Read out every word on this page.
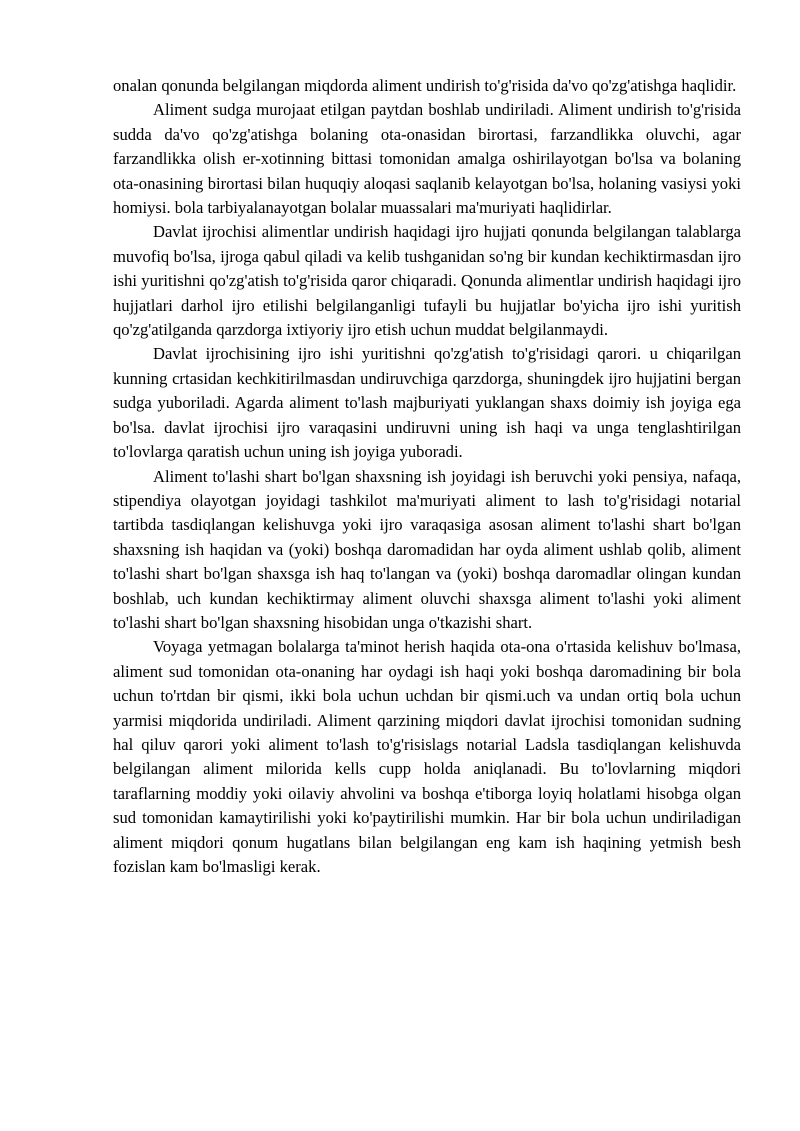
onalan qonunda belgilangan miqdorda aliment undirish to'g'risida da'vo qo'zg'atishga haqlidir.

Aliment sudga murojaat etilgan paytdan boshlab undiriladi. Aliment undirish to'g'risida sudda da'vo qo'zg'atishga bolaning ota-onasidan birortasi, farzandlikka oluvchi, agar farzandlikka olish er-xotinning bittasi tomonidan amalga oshirilayotgan bo'lsa va bolaning ota-onasining birortasi bilan huquqiy aloqasi saqlanib kelayotgan bo'lsa, holaning vasiysi yoki homiysi. bola tarbiyalanayotgan bolalar muassalari ma'muriyati haqlidirlar.

Davlat ijrochisi alimentlar undirish haqidagi ijro hujjati qonunda belgilangan talablarga muvofiq bo'lsa, ijroga qabul qiladi va kelib tushganidan so'ng bir kundan kechiktirmasdan ijro ishi yuritishni qo'zg'atish to'g'risida qaror chiqaradi. Qonunda alimentlar undirish haqidagi ijro hujjatlari darhol ijro etilishi belgilanganligi tufayli bu hujjatlar bo'yicha ijro ishi yuritish qo'zg'atilganda qarzdorga ixtiyoriy ijro etish uchun muddat belgilanmaydi.

Davlat ijrochisining ijro ishi yuritishni qo'zg'atish to'g'risidagi qarori. u chiqarilgan kunning crtasidan kechkitirilmasdan undiruvchiga qarzdorga, shuningdek ijro hujjatini bergan sudga yuboriladi. Agarda aliment to'lash majburiyati yuklangan shaxs doimiy ish joyiga ega bo'lsa. davlat ijrochisi ijro varaqasini undiruvni uning ish haqi va unga tenglashtirilgan to'lovlarga qaratish uchun uning ish joyiga yuboradi.

Aliment to'lashi shart bo'lgan shaxsning ish joyidagi ish beruvchi yoki pensiya, nafaqa, stipendiya olayotgan joyidagi tashkilot ma'muriyati aliment to lash to'g'risidagi notarial tartibda tasdiqlangan kelishuvga yoki ijro varaqasiga asosan aliment to'lashi shart bo'lgan shaxsning ish haqidan va (yoki) boshqa daromadidan har oyda aliment ushlab qolib, aliment to'lashi shart bo'lgan shaxsga ish haq to'langan va (yoki) boshqa daromadlar olingan kundan boshlab, uch kundan kechiktirmay aliment oluvchi shaxsga aliment to'lashi yoki aliment to'lashi shart bo'lgan shaxsning hisobidan unga o'tkazishi shart.

Voyaga yetmagan bolalarga ta'minot herish haqida ota-ona o'rtasida kelishuv bo'lmasa, aliment sud tomonidan ota-onaning har oydagi ish haqi yoki boshqa daromadining bir bola uchun to'rtdan bir qismi, ikki bola uchun uchdan bir qismi.uch va undan ortiq bola uchun yarmisi miqdorida undiriladi. Aliment qarzining miqdori davlat ijrochisi tomonidan sudning hal qiluv qarori yoki aliment to'lash to'g'risislags notarial Ladsla tasdiqlangan kelishuvda belgilangan aliment milorida kells cupp holda aniqlanadi. Bu to'lovlarning miqdori taraflarning moddiy yoki oilaviy ahvolini va boshqa e'tiborga loyiq holatlami hisobga olgan sud tomonidan kamaytirilishi yoki ko'paytirilishi mumkin. Har bir bola uchun undiriladigan aliment miqdori qonum hugatlans bilan belgilangan eng kam ish haqining yetmish besh fozislan kam bo'lmasligi kerak.
